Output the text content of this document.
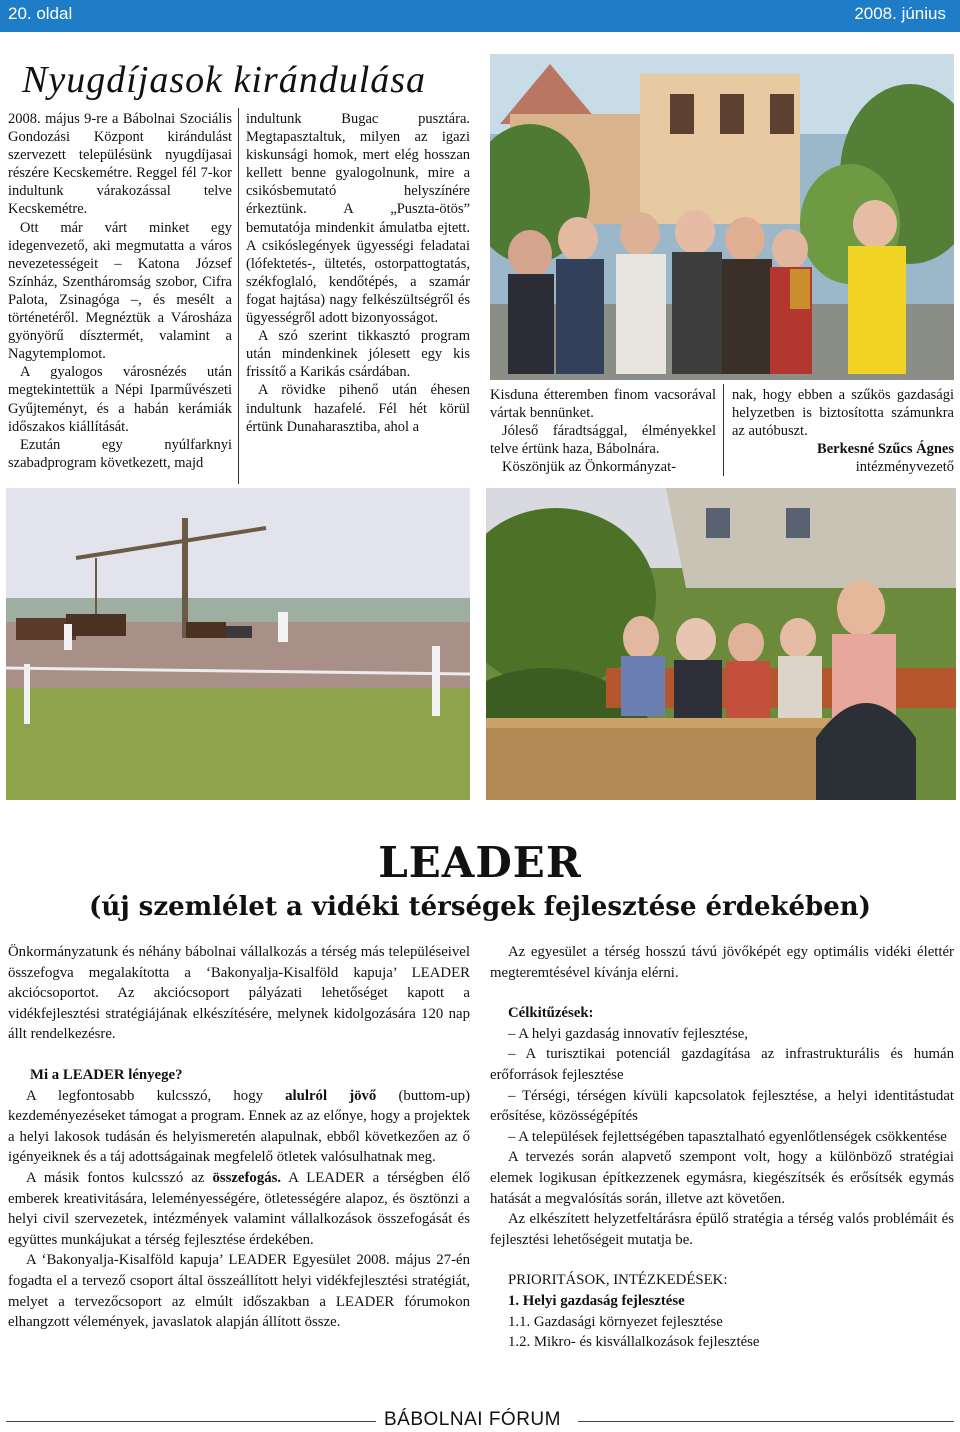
20. oldal	2008. június
Nyugdíjasok kirándulása

2008. május 9-re a Bábolnai Szociális Gondozási Központ kirándulást szervezett településünk nyugdíjasai részére Kecskemétre. Reggel fél 7-kor indultunk várakozással telve Kecskemétre.

Ott már várt minket egy idegenvezető, aki megmutatta a város nevezetességeit – Katona József Színház, Szentháromság szobor, Cifra Palota, Zsinagóga –, és mesélt a történetéről. Megnéztük a Városháza gyönyörű dísztermét, valamint a Nagytemplomot.

A gyalogos városnézés után megtekintettük a Népi Iparművészeti Gyűjteményt, és a habán kerámiák időszakos kiállítását.

Ezután egy nyúlfarknyi szabadprogram következett, majd

indultunk Bugac pusztára. Megtapasztaltuk, milyen az igazi kiskunsági homok, mert elég hosszan kellett benne gyalogolnunk, mire a csikósbemutató helyszínére érkeztünk. A „Puszta-ötös” bemutatója mindenkit ámulatba ejtett. A csikóslegények ügyességi feladatai (lófektetés-, ültetés, ostorpattogtatás, székfoglaló, kendőtépés, a szamár fogat hajtása) nagy felkészültségről és ügyességről adott bizonyosságot.

A szó szerint tikkasztó program után mindenkinek jólesett egy kis frissítő a Karikás csárdában.

A rövidke pihenő után éhesen indultunk hazafelé. Fél hét körül értünk Dunaharasztiba, ahol a

Kisduna étteremben finom vacsorával vártak bennünket.

Jóleső fáradtsággal, élményekkel telve értünk haza, Bábolnára.

Köszönjük az Önkormányzat-

nak, hogy ebben a szűkös gazdasági helyzetben is biztosította számunkra az autóbuszt.

Berkesné Szűcs Ágnes

intézményvezető

LEADER
(új szemlélet a vidéki térségek fejlesztése érdekében)

Önkormányzatunk és néhány bábolnai vállalkozás a térség más településeivel összefogva megalakította a ‘Bakonyalja-Kisalföld kapuja’ LEADER akciócsoportot. Az akciócsoport pályázati lehetőséget kapott a vidékfejlesztési stratégiájának elkészítésére, melynek kidolgozására 120 nap állt rendelkezésre.

Mi a LEADER lényege?

A legfontosabb kulcsszó, hogy alulról jövő (buttom-up) kezdeményezéseket támogat a program. Ennek az az előnye, hogy a projektek a helyi lakosok tudásán és helyismeretén alapulnak, ebből következően az ő igényeiknek és a táj adottságainak megfelelő ötletek valósulhatnak meg.

A másik fontos kulcsszó az összefogás. A LEADER a térségben élő emberek kreativitására, leleményességére, ötletességére alapoz, és ösztönzi a helyi civil szervezetek, intézmények valamint vállalkozások összefogását és együttes munkájukat a térség fejlesztése érdekében.

A ‘Bakonyalja-Kisalföld kapuja’ LEADER Egyesület 2008. május 27-én fogadta el a tervező csoport által összeállított helyi vidékfejlesztési stratégiát, melyet a tervezőcsoport az elmúlt időszakban a LEADER fórumokon elhangzott vélemények, javaslatok alapján állított össze.

Az egyesület a térség hosszú távú jövőképét egy optimális vidéki élettér megteremtésével kívánja elérni.

Célkitűzések:

– A helyi gazdaság innovatív fejlesztése,

– A turisztikai potenciál gazdagítása az infrastrukturális és humán erőforrások fejlesztése

– Térségi, térségen kívüli kapcsolatok fejlesztése, a helyi identitástudat erősítése, közösségépítés

– A települések fejlettségében tapasztalható egyenlőtlenségek csökkentése

A tervezés során alapvető szempont volt, hogy a különböző stratégiai elemek logikusan építkezzenek egymásra, kiegészítsék és erősítsék egymás hatását a megvalósítás során, illetve azt követően.

Az elkészített helyzetfeltárásra épülő stratégia a térség valós problémáit és fejlesztési lehetőségeit mutatja be.

PRIORITÁSOK, INTÉZKEDÉSEK:

1. Helyi gazdaság fejlesztése

1.1. Gazdasági környezet fejlesztése

1.2. Mikro- és kisvállalkozások fejlesztése

BÁBOLNAI FÓRUM
